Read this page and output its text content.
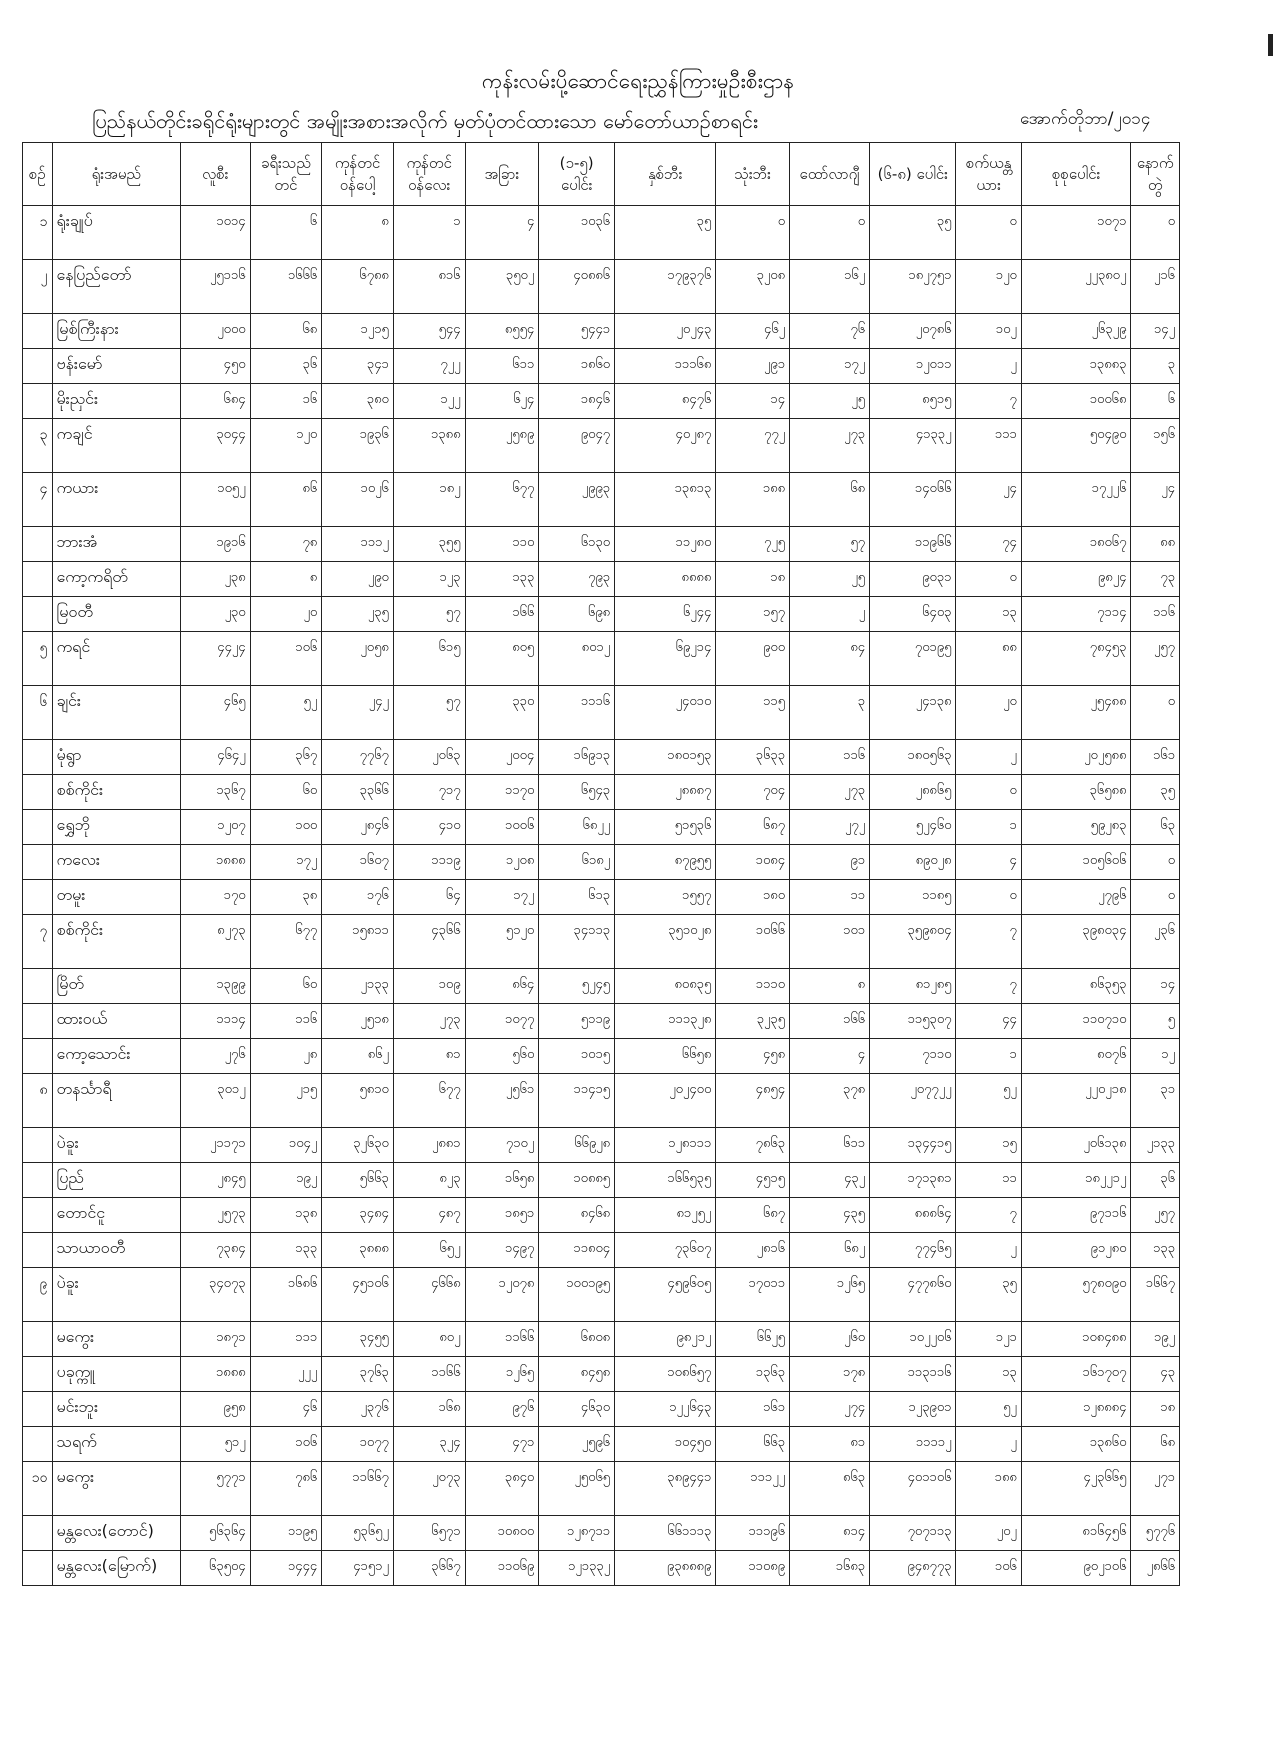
ကုန်းလမ်းပို့ဆောင်ရေးညွှန်ကြားမှုဦးစီးဌာန
ပြည်နယ်တိုင်းခရိုင်ရုံးများတွင် အမျိုးအစားအလိုက် မှတ်ပုံတင်ထားသော မော်တော်ယာဉ်စာရင်း	အောက်တိုဘာ/၂၀၁၄
စဉ်	ရုံးအမည်	လူစီး	ခရီးသည်တင်	ကုန်တင်ဝန်ပေါ့	ကုန်တင်ဝန်လေး	အခြား	(၁-၅) ပေါင်း	နှစ်ဘီး	သုံးဘီး	ထော်လာဂျီ	(၆-၈) ပေါင်း	စက်ယန္တယား	စုစုပေါင်း	နောက်တွဲ
၁	ရုံးချုပ်	၁၀၁၄	၆	၈	၁	၄	၁၀၃၆	၃၅	၀	၀	၃၅	၀	၁၀၇၁	၀
၂	နေပြည်တော်	၂၅၁၁၆	၁၆၆၆	၆၇၈၈	၈၁၆	၃၅၀၂	၄၀၈၈၆	၁၇၉၃၇၆	၃၂၀၈	၁၆၂	၁၈၂၇၅၁	၁၂၀	၂၂၃၈၀၂	၂၁၆
	မြစ်ကြီးနား	၂၀၀၀	၆၈	၁၂၁၅	၅၄၄	၈၅၅၄	၅၄၄၁	၂၀၂၄၃	၄၆၂	၇၆	၂၀၇၈၆	၁၀၂	၂၆၃၂၉	၁၄၂
	ဗန်းမော်	၄၅၀	၃၆	၃၄၁	၇၂၂	၆၁၁	၁၈၆၀	၁၁၁၆၈	၂၉၁	၁၇၂	၁၂၀၁၁	၂	၁၃၈၈၃	၃
	မိုးညှင်း	၆၈၄	၁၆	၃၈၀	၁၂၂	၆၂၄	၁၈၄၆	၈၄၇၆	၁၄	၂၅	၈၅၁၅	၇	၁၀၀၆၈	၆
၃	ကချင်	၃၀၄၄	၁၂၀	၁၉၃၆	၁၃၈၈	၂၅၈၉	၉၀၄၇	၄၀၂၈၇	၇၇၂	၂၇၃	၄၁၃၃၂	၁၁၁	၅၀၄၉၀	၁၅၆
၄	ကယား	၁၀၅၂	၈၆	၁၀၂၆	၁၈၂	၆၇၇	၂၉၉၃	၁၃၈၁၃	၁၈၈	၆၈	၁၄၀၆၆	၂၄	၁၇၂၂၆	၂၄
	ဘားအံ	၁၉၁၆	၇၈	၁၁၁၂	၃၅၅	၁၁၀	၆၁၃၀	၁၁၂၈၀	၇၂၅	၅၇	၁၁၉၆၆	၇၄	၁၈၀၆၇	၈၈
	ကော့ကရိတ်	၂၃၈	၈	၂၉၀	၁၂၃	၁၃၃	၇၉၃	၈၈၈၈	၁၈	၂၅	၉၀၃၁	၀	၉၈၂၄	၇၃
	မြဝတီ	၂၃၀	၂၀	၂၃၅	၅၇	၁၆၆	၆၉၈	၆၂၄၄	၁၅၇	၂	၆၄၀၃	၁၃	၇၁၁၄	၁၁၆
၅	ကရင်	၄၄၂၄	၁၀၆	၂၀၅၈	၆၁၅	၈၀၅	၈၀၁၂	၆၉၂၁၄	၉၀၀	၈၄	၇၀၁၉၅	၈၈	၇၈၄၅၃	၂၅၇
၆	ချင်း	၄၆၅	၅၂	၂၄၂	၅၇	၃၃၀	၁၁၁၆	၂၄၀၁၀	၁၁၅	၃	၂၄၁၃၈	၂၀	၂၅၄၈၈	၀
	မုံရွာ	၄၆၄၂	၃၆၇	၇၇၆၇	၂၀၆၃	၂၀၀၄	၁၆၉၁၃	၁၈၀၁၅၃	၃၆၃၃	၁၁၆	၁၈၀၅၆၃	၂	၂၀၂၅၈၈	၁၆၁
	စစ်ကိုင်း	၁၃၆၇	၆၀	၃၃၆၆	၇၁၇	၁၁၇၀	၆၅၄၃	၂၈၈၈၇	၇၀၄	၂၇၃	၂၈၈၆၅	၀	၃၆၅၈၈	၃၅
	ရွှေဘို	၁၂၀၇	၁၀၀	၂၈၄၆	၄၁၀	၁၀၀၆	၆၈၂၂	၅၁၅၃၆	၆၈၇	၂၇၂	၅၂၄၆၀	၁	၅၉၂၈၃	၆၃
	ကလေး	၁၈၈၈	၁၇၂	၁၆၀၇	၁၁၁၉	၁၂၀၈	၆၁၈၂	၈၇၉၅၅	၁၀၈၄	၉၁	၈၉၀၂၈	၄	၁၀၅၆၀၆	၀
	တမူး	၁၇၀	၃၈	၁၇၆	၆၄	၁၇၂	၆၁၃	၁၅၅၇	၁၈၀	၁၁	၁၁၈၅	၀	၂၇၉၆	၀
၇	စစ်ကိုင်း	၈၂၇၃	၆၇၇	၁၅၈၁၁	၄၃၆၆	၅၁၂၀	၃၄၁၁၃	၃၅၁၀၂၈	၁၀၆၆	၁၀၁	၃၅၉၈၀၄	၇	၃၉၈၀၃၄	၂၃၆
	မြိတ်	၁၃၉၉	၆၀	၂၁၃၃	၁၀၉	၈၆၄	၅၂၄၅	၈၀၈၃၅	၁၁၁၀	၈	၈၁၂၈၅	၇	၈၆၃၅၃	၁၄
	ထားဝယ်	၁၁၁၄	၁၁၆	၂၅၁၈	၂၇၃	၁၀၇၇	၅၁၁၉	၁၁၁၃၂၈	၃၂၃၅	၁၆၆	၁၁၅၃၀၇	၄၄	၁၁၀၇၁၀	၅
	ကော့သောင်း	၂၇၆	၂၈	၈၆၂	၈၁	၅၆၀	၁၀၁၅	၆၆၅၈	၄၅၈	၄	၇၁၁၀	၁	၈၀၇၆	၁၂
၈	တနင်္သာရီ	၃၀၁၂	၂၁၅	၅၈၁၀	၆၇၇	၂၅၆၁	၁၁၄၁၅	၂၀၂၄၀၀	၄၈၅၄	၃၇၈	၂၀၇၇၂၂	၅၂	၂၂၀၂၁၈	၃၁
	ပဲခူး	၂၁၁၇၁	၁၀၄၂	၃၂၆၃၀	၂၈၈၁	၇၁၀၂	၆၆၉၂၈	၁၂၈၁၁၁	၇၈၆၃	၆၁၁	၁၃၄၄၁၅	၁၅	၂၀၆၁၃၈	၂၁၃၃
	ပြည်	၂၈၄၅	၁၉၂	၅၆၆၃	၈၂၃	၁၆၅၈	၁၀၈၈၅	၁၆၆၅၃၅	၄၅၁၅	၄၃၂	၁၇၁၃၈၁	၁၁	၁၈၂၂၁၂	၃၆
	တောင်ငူ	၂၅၇၃	၁၃၈	၃၄၈၄	၄၈၇	၁၈၅၁	၈၄၆၈	၈၁၂၅၂	၆၈၇	၄၃၅	၈၈၈၆၄	၇	၉၇၁၁၆	၂၅၇
	သာယာဝတီ	၇၃၈၄	၁၃၃	၃၈၈၈	၆၅၂	၁၄၉၇	၁၁၈၀၄	၇၃၆၀၇	၂၈၁၆	၆၈၂	၇၇၄၆၅	၂	၉၁၂၈၀	၁၃၃
၉	ပဲခူး	၃၄၀၇၃	၁၆၈၆	၄၅၁၀၆	၄၆၆၈	၁၂၀၇၈	၁၀၀၁၉၅	၄၅၉၆၀၅	၁၇၀၁၁	၁၂၆၅	၄၇၇၈၆၀	၃၅	၅၇၈၀၉၀	၁၆၆၇
	မကွေး	၁၈၇၁	၁၁၁	၃၄၅၅	၈၀၂	၁၁၆၆	၆၈၀၈	၉၈၂၁၂	၆၆၂၅	၂၆၀	၁၀၂၂၀၆	၁၂၁	၁၀၈၄၈၈	၁၉၂
	ပခုက္ကူ	၁၈၈၈	၂၂၂	၃၇၆၃	၁၁၆၆	၁၂၆၅	၈၄၅၈	၁၀၈၆၅၇	၁၃၆၃	၁၇၈	၁၁၃၁၁၆	၁၃	၁၆၁၇၀၇	၄၃
	မင်းဘူး	၉၅၈	၄၆	၂၃၇၆	၁၆၈	၉၇၆	၄၆၃၀	၁၂၂၆၄၃	၁၆၁	၂၇၄	၁၂၃၉၀၁	၅၂	၁၂၈၈၈၄	၁၈
	သရက်	၅၁၂	၁၀၆	၁၀၇၇	၃၂၄	၄၇၁	၂၅၉၆	၁၀၄၅၀	၆၆၃	၈၁	၁၁၁၁၂	၂	၁၃၈၆၀	၆၈
၁၀	မကွေး	၅၇၇၁	၇၈၆	၁၁၆၆၇	၂၀၇၃	၃၈၄၀	၂၅၀၆၅	၃၈၉၄၄၁	၁၁၁၂၂	၈၆၃	၄၀၁၁၀၆	၁၈၈	၄၂၃၆၆၅	၂၇၁
	မန္တလေး(တောင်)	၅၆၃၆၄	၁၁၉၅	၅၃၆၅၂	၆၅၇၁	၁၀၈၀၀	၁၂၈၇၁၁	၆၆၁၁၁၃	၁၁၁၉၆	၈၁၄	၇၀၇၁၁၃	၂၀၂	၈၁၆၄၅၆	၅၇၇၆
	မန္တလေး(မြောက်)	၆၃၅၀၄	၁၄၄၄	၄၁၅၁၂	၃၆၆၇	၁၁၀၆၉	၁၂၁၃၃၂	၉၃၈၈၈၉	၁၁၀၈၉	၁၆၈၃	၉၄၈၇၇၃	၁၀၆	၉၀၂၁၀၆	၂၈၆၆
